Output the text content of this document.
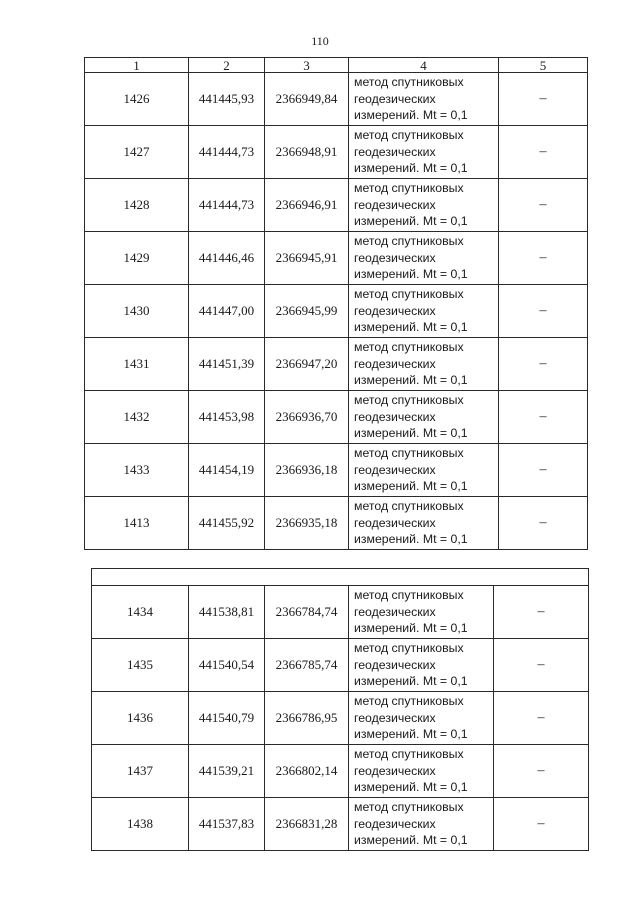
110
1	2	3	4	5
1426	441445,93	2366949,84	метод спутниковых
геодезических
измерений. Mt = 0,1	–
1427	441444,73	2366948,91	метод спутниковых
геодезических
измерений. Mt = 0,1	–
1428	441444,73	2366946,91	метод спутниковых
геодезических
измерений. Mt = 0,1	–
1429	441446,46	2366945,91	метод спутниковых
геодезических
измерений. Mt = 0,1	–
1430	441447,00	2366945,99	метод спутниковых
геодезических
измерений. Mt = 0,1	–
1431	441451,39	2366947,20	метод спутниковых
геодезических
измерений. Mt = 0,1	–
1432	441453,98	2366936,70	метод спутниковых
геодезических
измерений. Mt = 0,1	–
1433	441454,19	2366936,18	метод спутниковых
геодезических
измерений. Mt = 0,1	–
1413	441455,92	2366935,18	метод спутниковых
геодезических
измерений. Mt = 0,1	–

1434	441538,81	2366784,74	метод спутниковых
геодезических
измерений. Mt = 0,1	–
1435	441540,54	2366785,74	метод спутниковых
геодезических
измерений. Mt = 0,1	–
1436	441540,79	2366786,95	метод спутниковых
геодезических
измерений. Mt = 0,1	–
1437	441539,21	2366802,14	метод спутниковых
геодезических
измерений. Mt = 0,1	–
1438	441537,83	2366831,28	метод спутниковых
геодезических
измерений. Mt = 0,1	–
